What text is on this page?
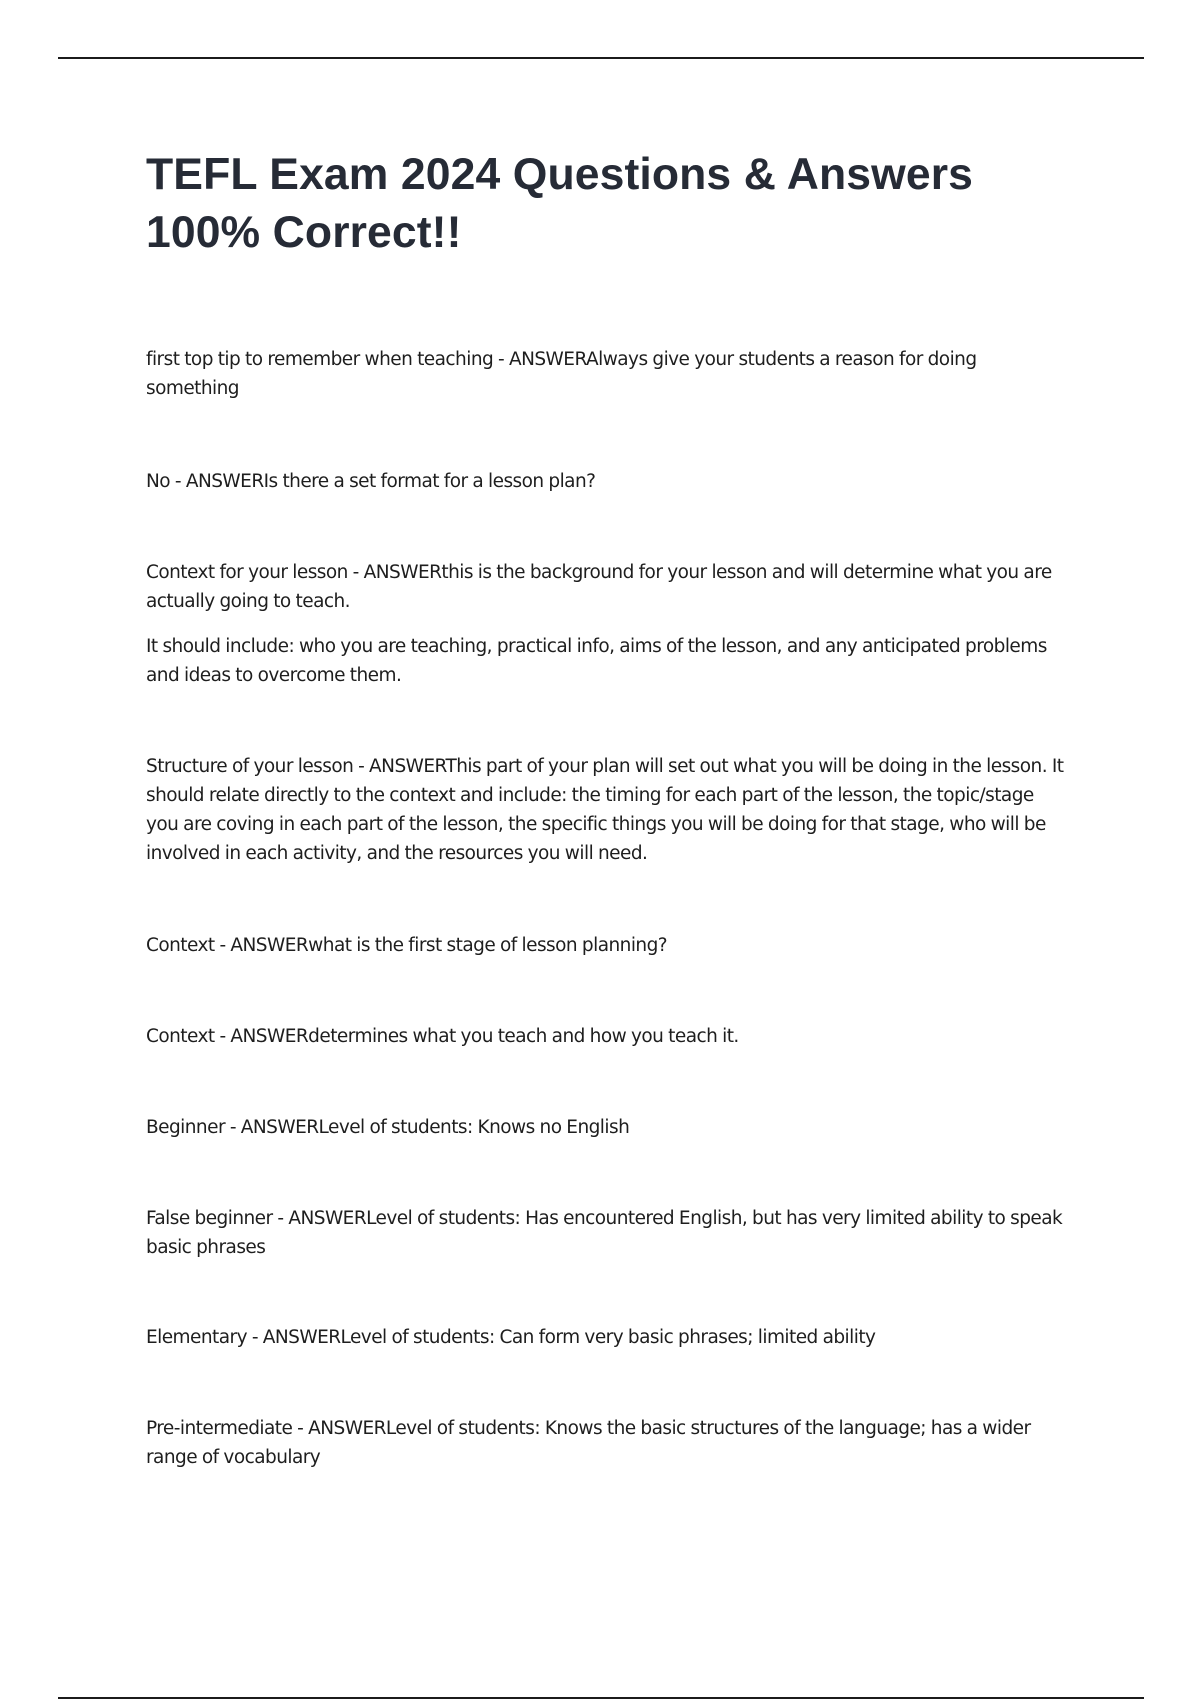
TEFL Exam 2024 Questions & Answers 100% Correct!!

first top tip to remember when teaching - ANSWERAlways give your students a reason for doing something

No - ANSWERIs there a set format for a lesson plan?

Context for your lesson - ANSWERthis is the background for your lesson and will determine what you are actually going to teach.

It should include: who you are teaching, practical info, aims of the lesson, and any anticipated problems and ideas to overcome them.

Structure of your lesson - ANSWERThis part of your plan will set out what you will be doing in the lesson. It should relate directly to the context and include: the timing for each part of the lesson, the topic/stage you are coving in each part of the lesson, the specific things you will be doing for that stage, who will be involved in each activity, and the resources you will need.

Context - ANSWERwhat is the first stage of lesson planning?

Context - ANSWERdetermines what you teach and how you teach it.

Beginner - ANSWERLevel of students: Knows no English

False beginner - ANSWERLevel of students: Has encountered English, but has very limited ability to speak basic phrases

Elementary - ANSWERLevel of students: Can form very basic phrases; limited ability

Pre-intermediate - ANSWERLevel of students: Knows the basic structures of the language; has a wider range of vocabulary
